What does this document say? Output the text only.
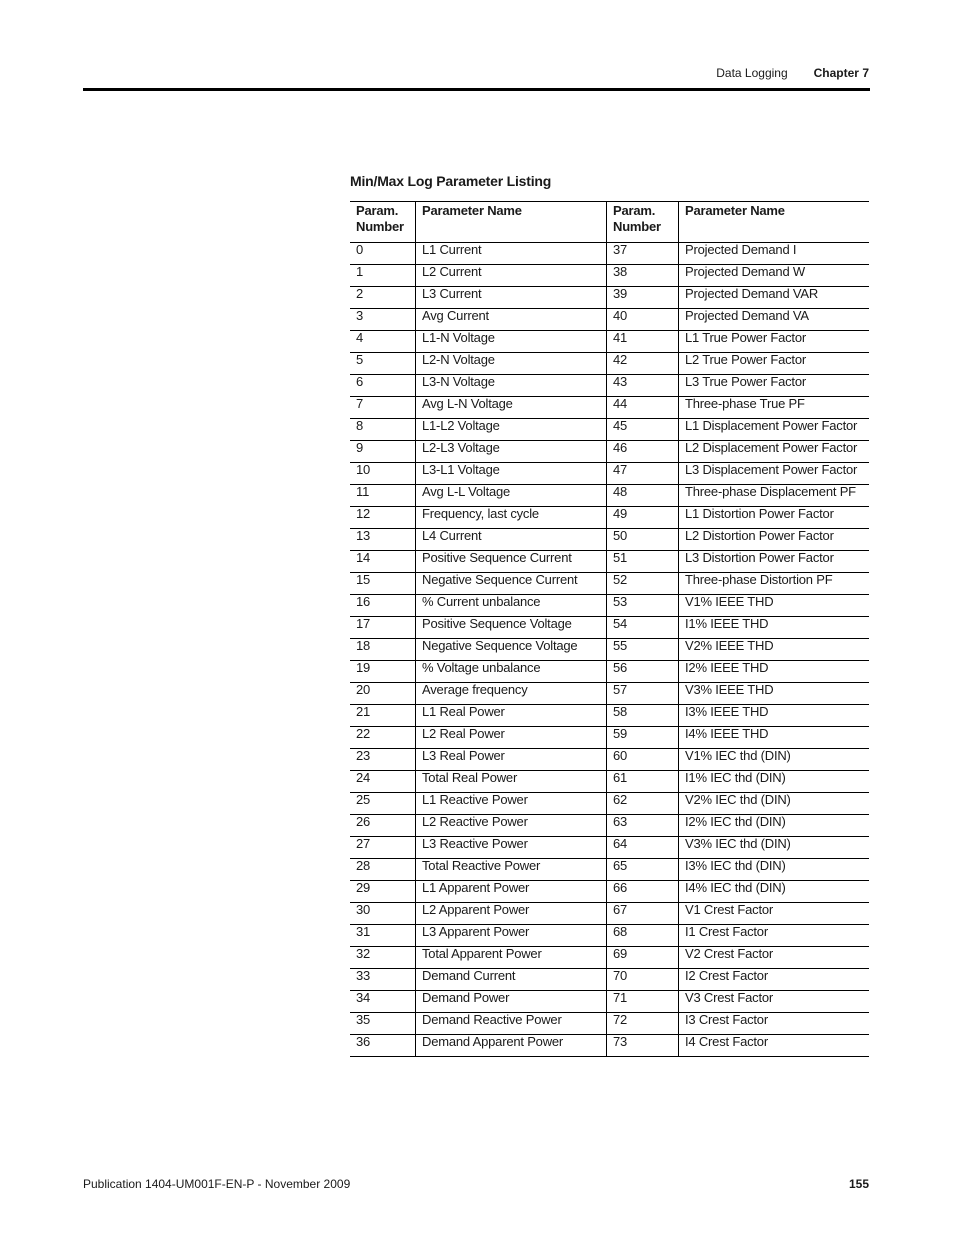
Data Logging Chapter 7
Min/Max Log Parameter Listing
Param. Number	Parameter Name	Param. Number	Parameter Name
0	L1 Current	37	Projected Demand I
1	L2 Current	38	Projected Demand W
2	L3 Current	39	Projected Demand VAR
3	Avg Current	40	Projected Demand VA
4	L1-N Voltage	41	L1 True Power Factor
5	L2-N Voltage	42	L2 True Power Factor
6	L3-N Voltage	43	L3 True Power Factor
7	Avg L-N Voltage	44	Three-phase True PF
8	L1-L2 Voltage	45	L1 Displacement Power Factor
9	L2-L3 Voltage	46	L2 Displacement Power Factor
10	L3-L1 Voltage	47	L3 Displacement Power Factor
11	Avg L-L Voltage	48	Three-phase Displacement PF
12	Frequency, last cycle	49	L1 Distortion Power Factor
13	L4 Current	50	L2 Distortion Power Factor
14	Positive Sequence Current	51	L3 Distortion Power Factor
15	Negative Sequence Current	52	Three-phase Distortion PF
16	% Current unbalance	53	V1% IEEE THD
17	Positive Sequence Voltage	54	I1% IEEE THD
18	Negative Sequence Voltage	55	V2% IEEE THD
19	% Voltage unbalance	56	I2% IEEE THD
20	Average frequency	57	V3% IEEE THD
21	L1 Real Power	58	I3% IEEE THD
22	L2 Real Power	59	I4% IEEE THD
23	L3 Real Power	60	V1% IEC thd (DIN)
24	Total Real Power	61	I1% IEC thd (DIN)
25	L1 Reactive Power	62	V2% IEC thd (DIN)
26	L2 Reactive Power	63	I2% IEC thd (DIN)
27	L3 Reactive Power	64	V3% IEC thd (DIN)
28	Total Reactive Power	65	I3% IEC thd (DIN)
29	L1 Apparent Power	66	I4% IEC thd (DIN)
30	L2 Apparent Power	67	V1 Crest Factor
31	L3 Apparent Power	68	I1 Crest Factor
32	Total Apparent Power	69	V2 Crest Factor
33	Demand Current	70	I2 Crest Factor
34	Demand Power	71	V3 Crest Factor
35	Demand Reactive Power	72	I3 Crest Factor
36	Demand Apparent Power	73	I4 Crest Factor
Publication 1404-UM001F-EN-P - November 2009	155
